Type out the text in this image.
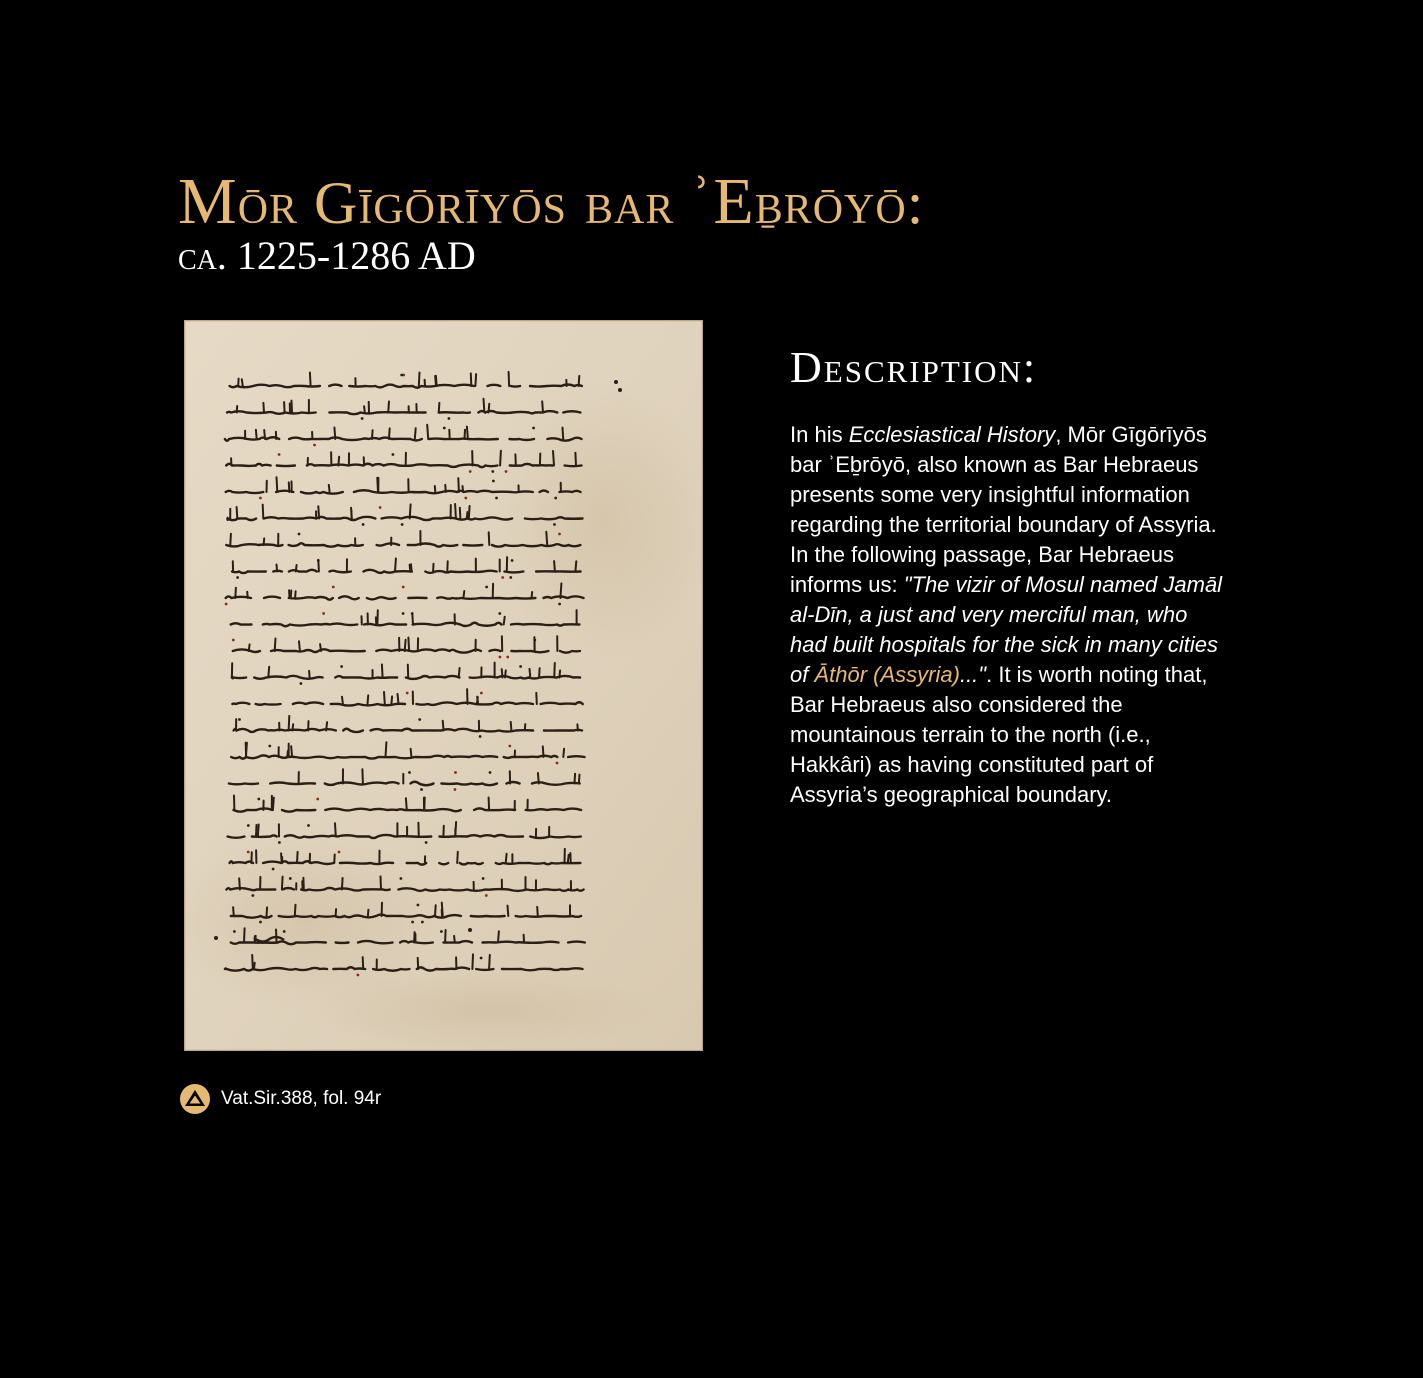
Mōr Gīgōrīyōs bar ʾEḇrōyō:
ca. 1225-1286 AD
Vat.Sir.388, fol. 94r
Description:

In his Ecclesiastical History, Mōr Gīgōrīyōs bar ʾEḇrōyō, also known as Bar Hebraeus presents some very insightful information regarding the territorial boundary of Assyria. In the following passage, Bar Hebraeus informs us: "The vizir of Mosul named Jamāl al-Dīn, a just and very merciful man, who had built hospitals for the sick in many cities of Āthōr (Assyria)...". It is worth noting that, Bar Hebraeus also considered the mountainous terrain to the north (i.e., Hakkâri) as having constituted part of Assyria’s geographical boundary.
